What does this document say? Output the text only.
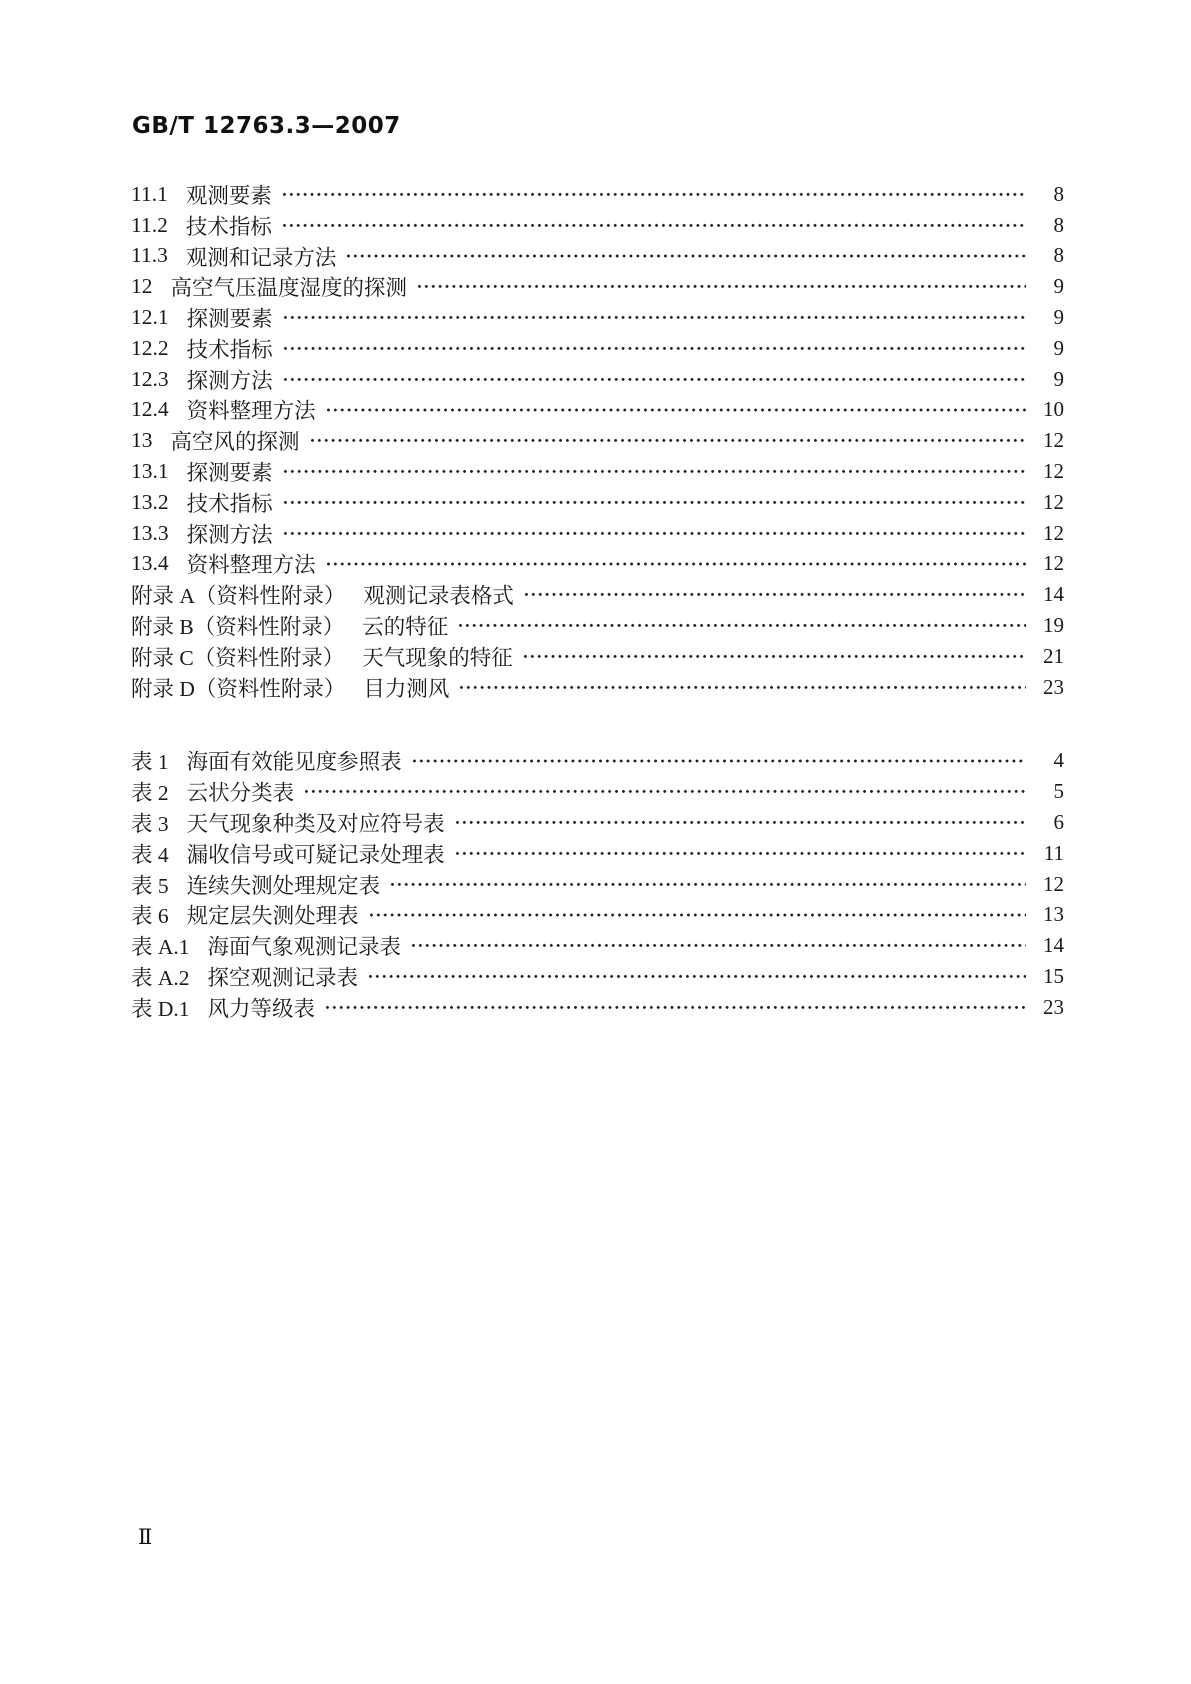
GB/T 12763.3—2007
11.1 观测要素	8
11.2 技术指标	8
11.3 观测和记录方法	8
12 高空气压温度湿度的探测	9
12.1 探测要素	9
12.2 技术指标	9
12.3 探测方法	9
12.4 资料整理方法	10
13 高空风的探测	12
13.1 探测要素	12
13.2 技术指标	12
13.3 探测方法	12
13.4 资料整理方法	12
附录 A（资料性附录） 观测记录表格式	14
附录 B（资料性附录） 云的特征	19
附录 C（资料性附录） 天气现象的特征	21
附录 D（资料性附录） 目力测风	23
表 1 海面有效能见度参照表	4
表 2 云状分类表	5
表 3 天气现象种类及对应符号表	6
表 4 漏收信号或可疑记录处理表	11
表 5 连续失测处理规定表	12
表 6 规定层失测处理表	13
表 A.1 海面气象观测记录表	14
表 A.2 探空观测记录表	15
表 D.1 风力等级表	23
Ⅱ
